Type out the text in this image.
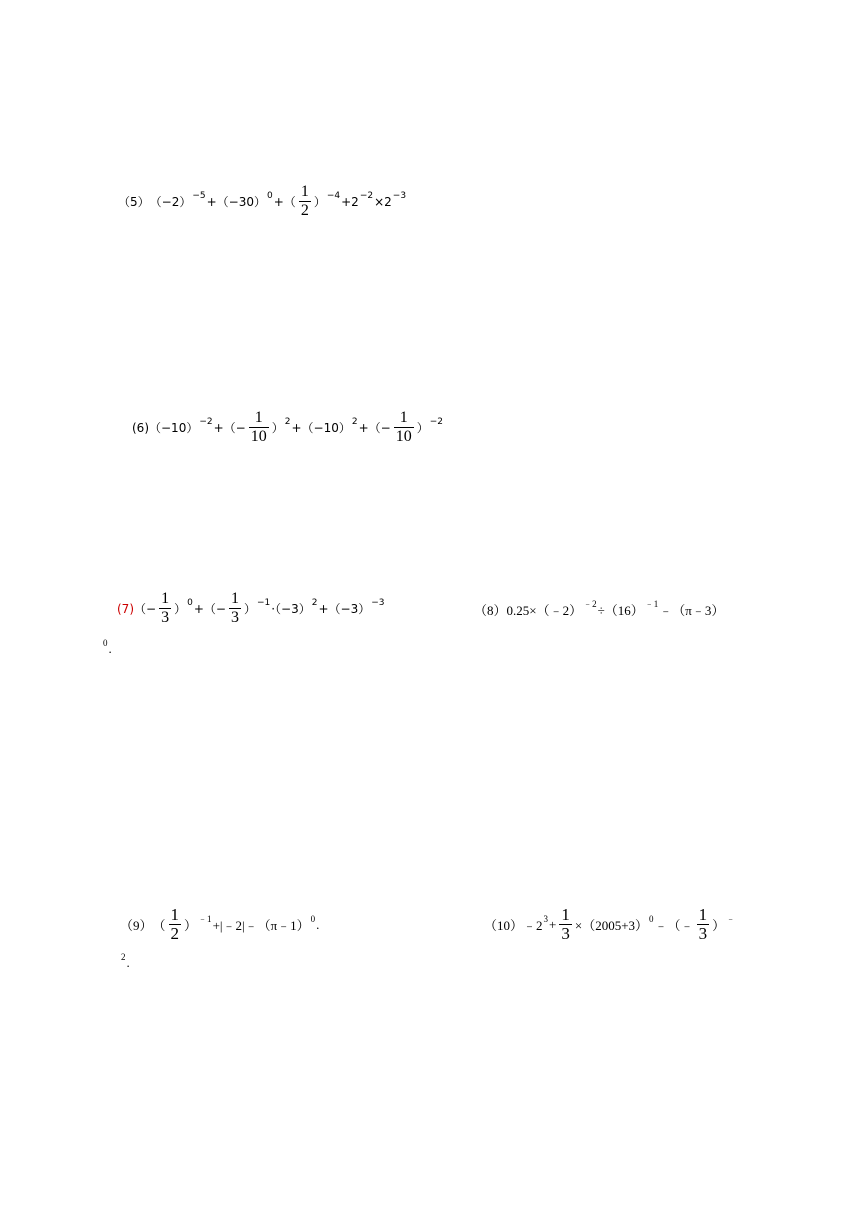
（5） （−2） −5 +（−30） 0 +（ $\frac{1}{2}$ ） −4 +2 −2 ×2 −3
(6) （−10） −2 +（− $\frac{1}{10}$ ） 2 +（−10） 2 +（− $\frac{1}{10}$ ） −2
(7) （− $\frac{1}{3}$ ） 0 +（− $\frac{1}{3}$ ） −1 ·（−3） 2 +（−3） −3
（8） 0.25×（﹣2） ﹣2 ÷（16） ﹣1 ﹣（π﹣3）
0 .
（9） （ $\frac{1}{2}$ ） ﹣1 +|﹣2|﹣（π﹣1） 0 .	（10） ﹣2 $3 + \frac{1}{3} \times(2005+3)$ 0 ﹣（﹣ $\frac{1}{3}$ ） ﹣
2 .
